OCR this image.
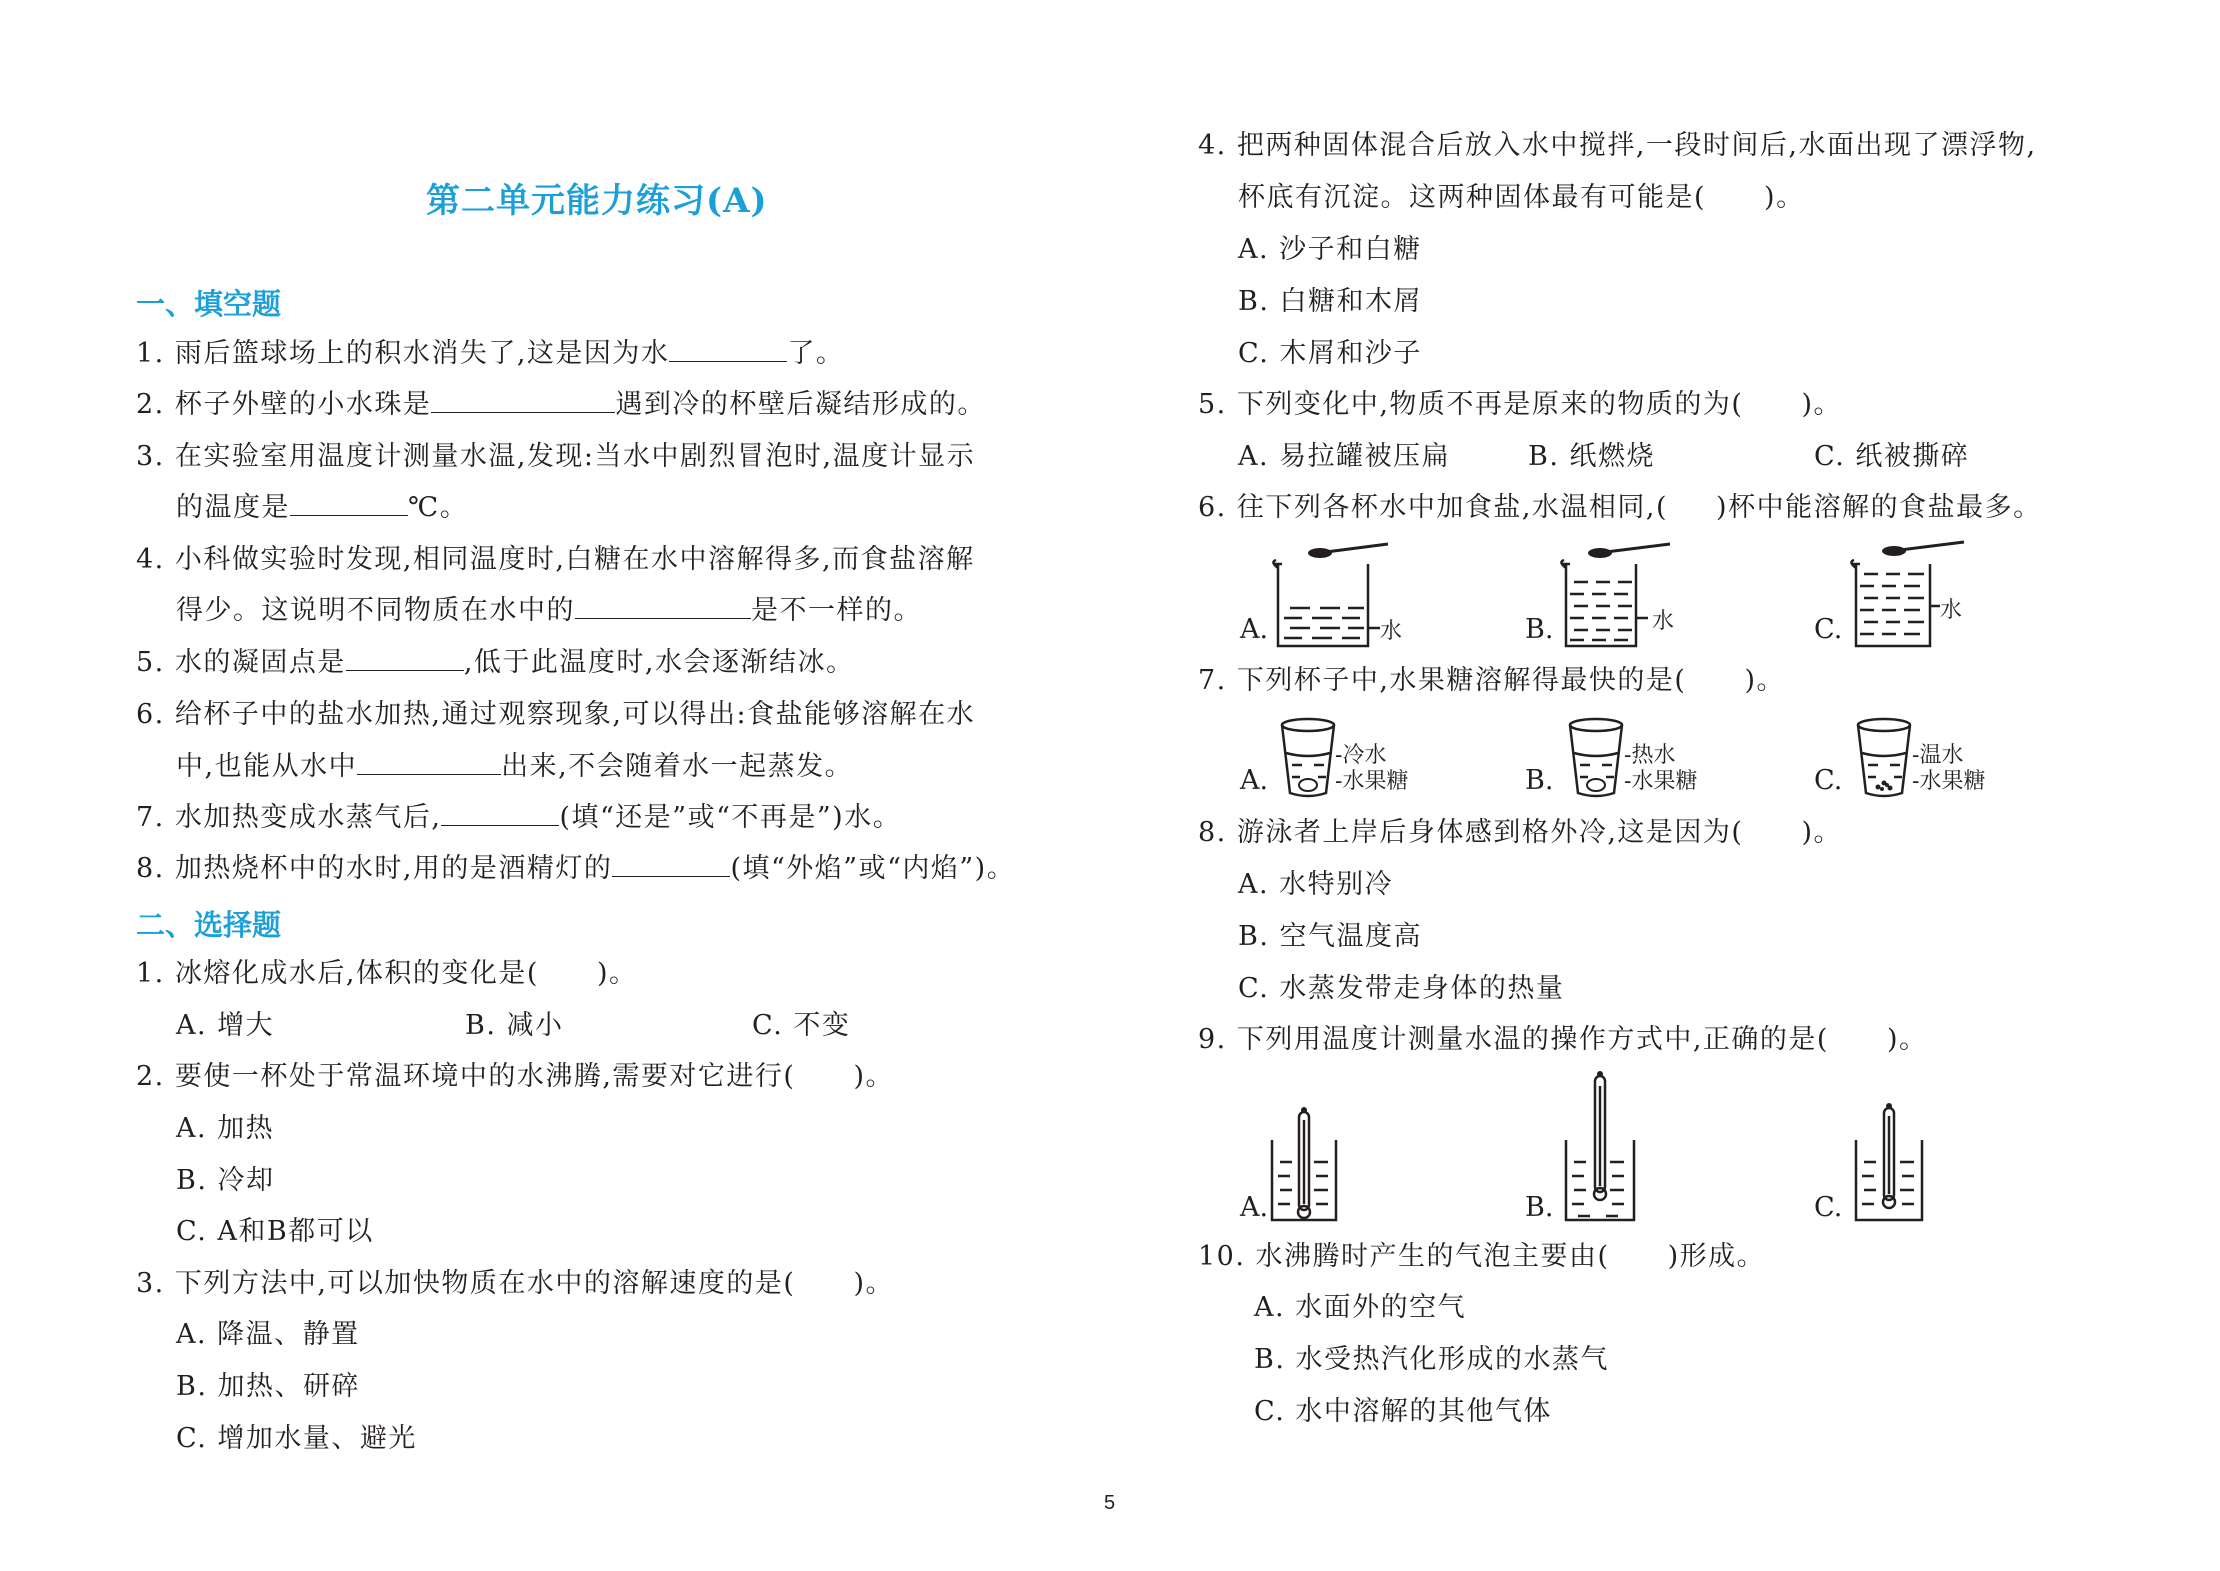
第二单元能力练习(A)
一、填空题
1. 雨后篮球场上的积水消失了,这是因为水	了。
2. 杯子外壁的小水珠是	遇到冷的杯壁后凝结形成的。
3. 在实验室用温度计测量水温,发现:当水中剧烈冒泡时,温度计显示
的温度是	℃。
4. 小科做实验时发现,相同温度时,白糖在水中溶解得多,而食盐溶解
得少。这说明不同物质在水中的	是不一样的。
5. 水的凝固点是	,低于此温度时,水会逐渐结冰。
6. 给杯子中的盐水加热,通过观察现象,可以得出:食盐能够溶解在水
中,也能从水中	出来,不会随着水一起蒸发。
7. 水加热变成水蒸气后,	(填“还是”或“不再是”)水。
8. 加热烧杯中的水时,用的是酒精灯的	(填“外焰”或“内焰”)。
二、选择题
1. 冰熔化成水后,体积的变化是( )。
A. 增大	B. 减小	C. 不变
2. 要使一杯处于常温环境中的水沸腾,需要对它进行( )。
A. 加热
B. 冷却
C. A和B都可以
3. 下列方法中,可以加快物质在水中的溶解速度的是( )。
A. 降温、静置
B. 加热、研碎
C. 增加水量、避光
4. 把两种固体混合后放入水中搅拌,一段时间后,水面出现了漂浮物,
杯底有沉淀。这两种固体最有可能是( )。
A. 沙子和白糖
B. 白糖和木屑
C. 木屑和沙子
5. 下列变化中,物质不再是原来的物质的为( )。
A. 易拉罐被压扁	B. 纸燃烧	C. 纸被撕碎
6. 往下列各杯水中加食盐,水温相同,( )杯中能溶解的食盐最多。
A.	B.	C.
水	水	水
7. 下列杯子中,水果糖溶解得最快的是( )。
A.	B.	C.
-冷水
-水果糖
-热水
-水果糖
-温水
-水果糖
8. 游泳者上岸后身体感到格外冷,这是因为( )。
A. 水特别冷
B. 空气温度高
C. 水蒸发带走身体的热量
9. 下列用温度计测量水温的操作方式中,正确的是( )。
A.	B.	C.
10. 水沸腾时产生的气泡主要由( )形成。
A. 水面外的空气
B. 水受热汽化形成的水蒸气
C. 水中溶解的其他气体
5
